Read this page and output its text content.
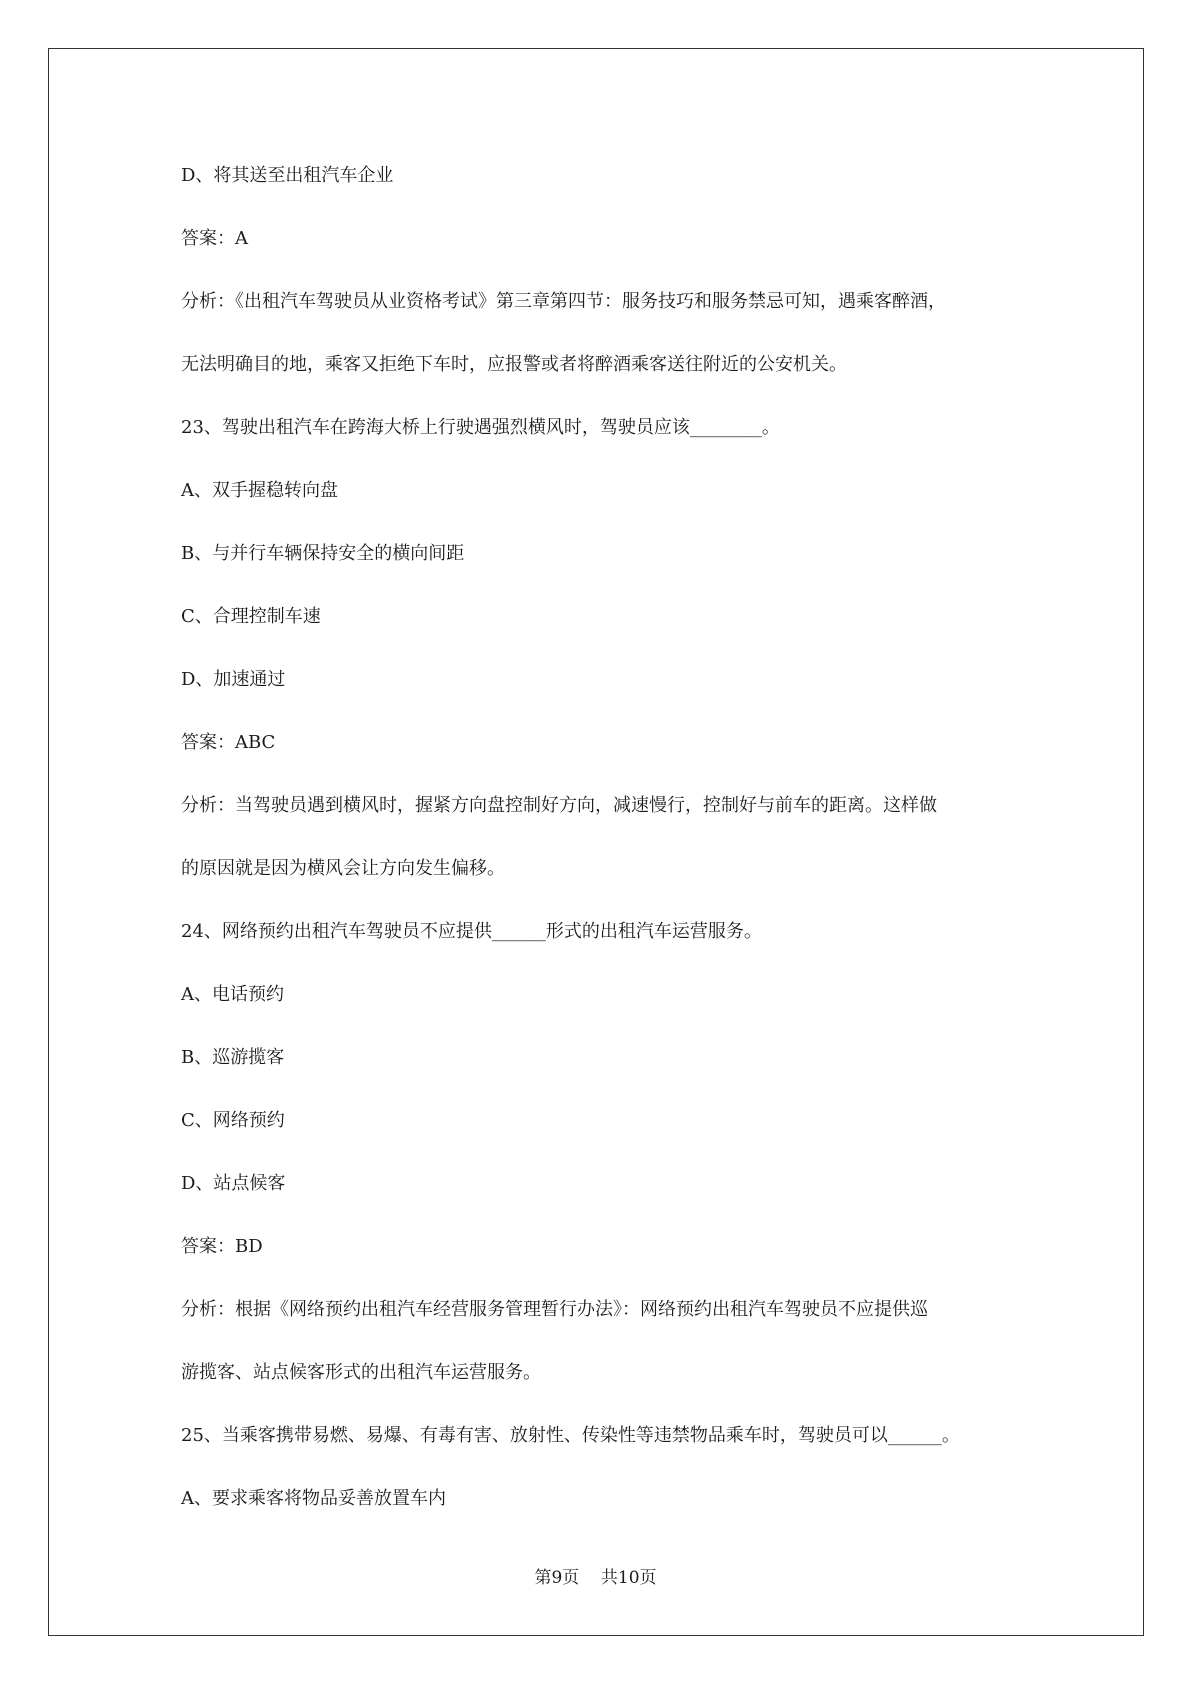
D、将其送至出租汽车企业
答案：A
分析：《出租汽车驾驶员从业资格考试》第三章第四节：服务技巧和服务禁忌可知，遇乘客醉酒，
无法明确目的地，乘客又拒绝下车时，应报警或者将醉酒乘客送往附近的公安机关。
23、驾驶出租汽车在跨海大桥上行驶遇强烈横风时，驾驶员应该________。
A、双手握稳转向盘
B、与并行车辆保持安全的横向间距
C、合理控制车速
D、加速通过
答案：ABC
分析：当驾驶员遇到横风时，握紧方向盘控制好方向，减速慢行，控制好与前车的距离。这样做
的原因就是因为横风会让方向发生偏移。
24、网络预约出租汽车驾驶员不应提供______形式的出租汽车运营服务。
A、电话预约
B、巡游揽客
C、网络预约
D、站点候客
答案：BD
分析：根据《网络预约出租汽车经营服务管理暂行办法》：网络预约出租汽车驾驶员不应提供巡
游揽客、站点候客形式的出租汽车运营服务。
25、当乘客携带易燃、易爆、有毒有害、放射性、传染性等违禁物品乘车时，驾驶员可以______。
A、要求乘客将物品妥善放置车内
第9页    共10页
